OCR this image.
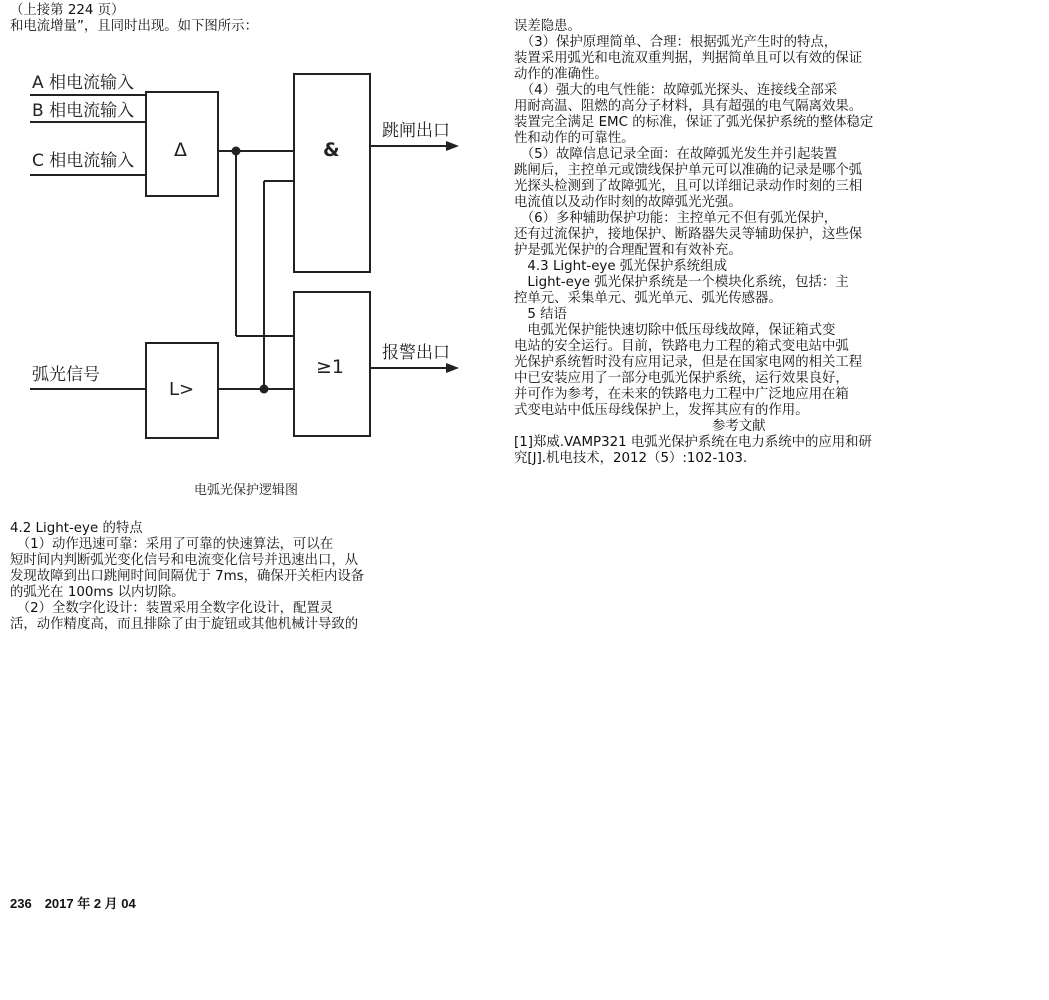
（上接第 224 页）
和电流增量”，且同时出现。如下图所示：
A 相电流输入
B 相电流输入
C 相电流输入 Δ	&
≥1
L>
弧光信号
跳闸出口
报警出口
电弧光保护逻辑图
4.2 Light-eye 的特点
　（1）动作迅速可靠：采用了可靠的快速算法，可以在
短时间内判断弧光变化信号和电流变化信号并迅速出口，从
发现故障到出口跳闸时间间隔优于 7ms，确保开关柜内设备
的弧光在 100ms 以内切除。
　（2）全数字化设计：装置采用全数字化设计，配置灵
活，动作精度高，而且排除了由于旋钮或其他机械计导致的
误差隐患。
　（3）保护原理简单、合理：根据弧光产生时的特点，
装置采用弧光和电流双重判据，判据简单且可以有效的保证
动作的准确性。
　（4）强大的电气性能：故障弧光探头、连接线全部采
用耐高温、阻燃的高分子材料，具有超强的电气隔离效果。
装置完全满足 EMC 的标准，保证了弧光保护系统的整体稳定
性和动作的可靠性。
　（5）故障信息记录全面：在故障弧光发生并引起装置
跳闸后，主控单元或馈线保护单元可以准确的记录是哪个弧
光探头检测到了故障弧光，且可以详细记录动作时刻的三相
电流值以及动作时刻的故障弧光光强。
　（6）多种辅助保护功能：主控单元不但有弧光保护，
还有过流保护，接地保护、断路器失灵等辅助保护，这些保
护是弧光保护的合理配置和有效补充。
　4.3 Light-eye 弧光保护系统组成
　Light-eye 弧光保护系统是一个模块化系统，包括：主
控单元、采集单元、弧光单元、弧光传感器。
　5 结语
　电弧光保护能快速切除中低压母线故障，保证箱式变
电站的安全运行。目前，铁路电力工程的箱式变电站中弧
光保护系统暂时没有应用记录，但是在国家电网的相关工程
中已安装应用了一部分电弧光保护系统，运行效果良好，
并可作为参考，在未来的铁路电力工程中广泛地应用在箱
式变电站中低压母线保护上，发挥其应有的作用。
参考文献
[1]郑威.VAMP321 电弧光保护系统在电力系统中的应用和研
究[J].机电技术，2012（5）:102-103.
236　2017 年 2 月 04
